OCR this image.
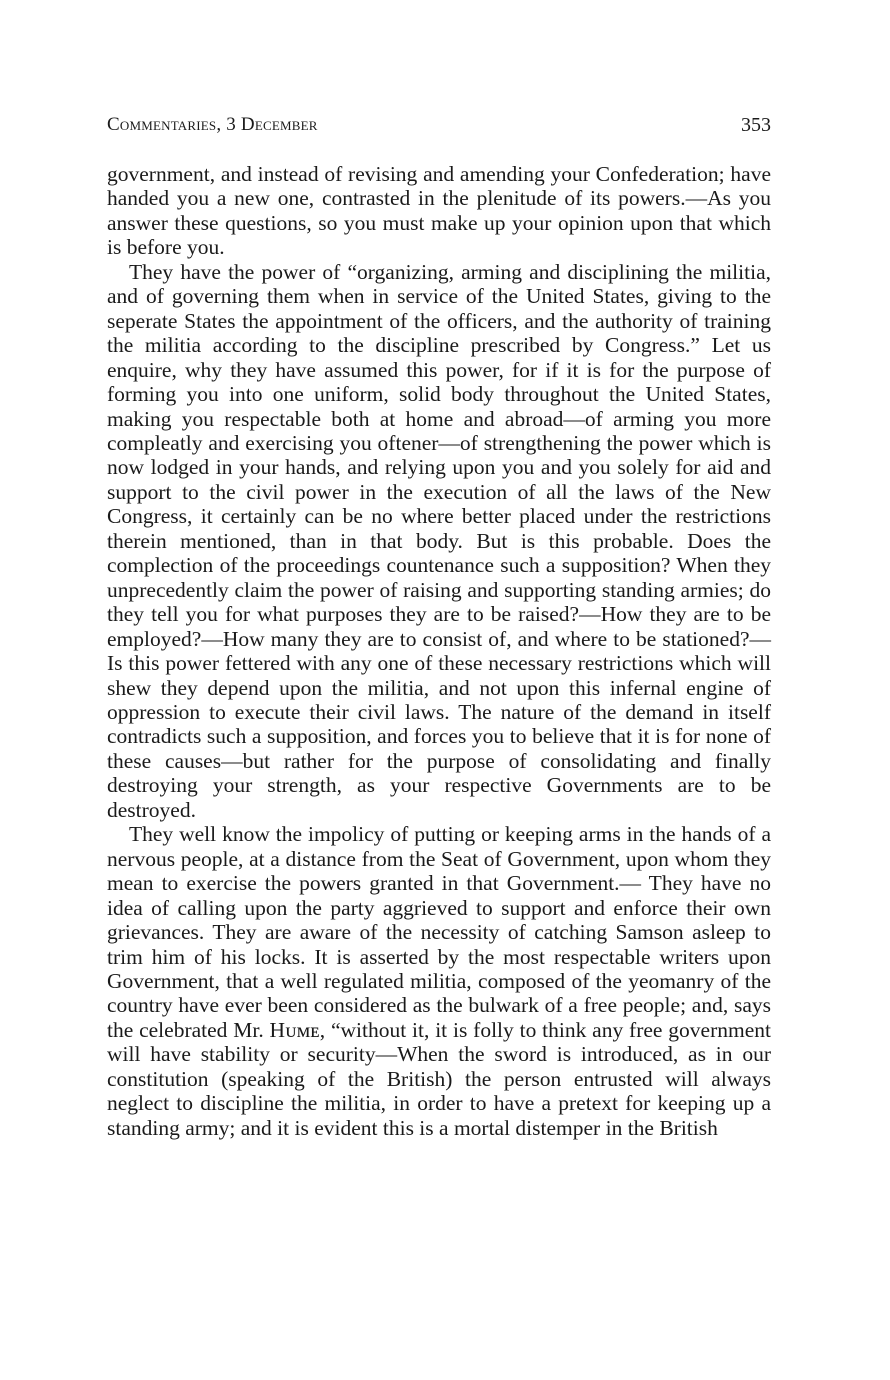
Commentaries, 3 December	353

government, and instead of revising and amending your Confederation; have handed you a new one, contrasted in the plenitude of its powers.—As you answer these questions, so you must make up your opinion upon that which is before you.

They have the power of “organizing, arming and disciplining the militia, and of governing them when in service of the United States, giving to the seperate States the appointment of the officers, and the authority of training the militia according to the discipline prescribed by Congress.” Let us enquire, why they have assumed this power, for if it is for the purpose of forming you into one uniform, solid body throughout the United States, making you respectable both at home and abroad—of arming you more compleatly and exercising you oftener—of strengthening the power which is now lodged in your hands, and relying upon you and you solely for aid and support to the civil power in the execution of all the laws of the New Congress, it certainly can be no where better placed under the restrictions therein mentioned, than in that body. But is this probable. Does the complection of the proceedings countenance such a supposition? When they unprecedently claim the power of raising and supporting standing armies; do they tell you for what purposes they are to be raised?—How they are to be employed?—How many they are to consist of, and where to be stationed?—Is this power fettered with any one of these necessary restrictions which will shew they depend upon the militia, and not upon this infernal engine of oppression to execute their civil laws. The nature of the demand in itself contradicts such a supposition, and forces you to believe that it is for none of these causes—but rather for the purpose of consolidating and finally destroying your strength, as your respective Governments are to be destroyed.

They well know the impolicy of putting or keeping arms in the hands of a nervous people, at a distance from the Seat of Government, upon whom they mean to exercise the powers granted in that Government.— They have no idea of calling upon the party aggrieved to support and enforce their own grievances. They are aware of the necessity of catching Samson asleep to trim him of his locks. It is asserted by the most respectable writers upon Government, that a well regulated militia, composed of the yeomanry of the country have ever been considered as the bulwark of a free people; and, says the celebrated Mr. Hᴜᴍᴇ, “without it, it is folly to think any free government will have stability or security—When the sword is introduced, as in our constitution (speaking of the British) the person entrusted will always neglect to discipline the militia, in order to have a pretext for keeping up a standing army; and it is evident this is a mortal distemper in the British
